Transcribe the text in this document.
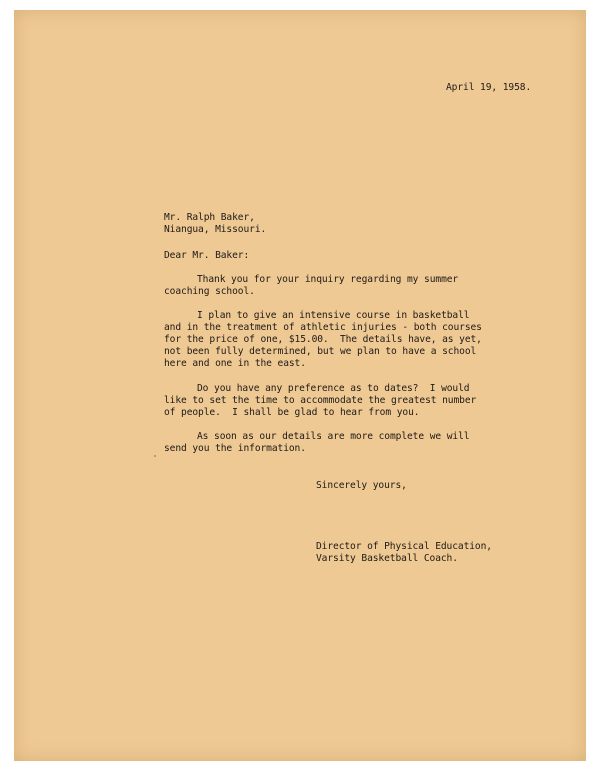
April 19, 1958.

Mr. Ralph Baker,

Niangua, Missouri.

Dear Mr. Baker:

Thank you for your inquiry regarding my summer

coaching school.

I plan to give an intensive course in basketball

and in the treatment of athletic injuries - both courses

for the price of one, $15.00.  The details have, as yet,

not been fully determined, but we plan to have a school

here and one in the east.

Do you have any preference as to dates?  I would

like to set the time to accommodate the greatest number

of people.  I shall be glad to hear from you.

As soon as our details are more complete we will

send you the information.

Sincerely yours,

Director of Physical Education,

Varsity Basketball Coach.
